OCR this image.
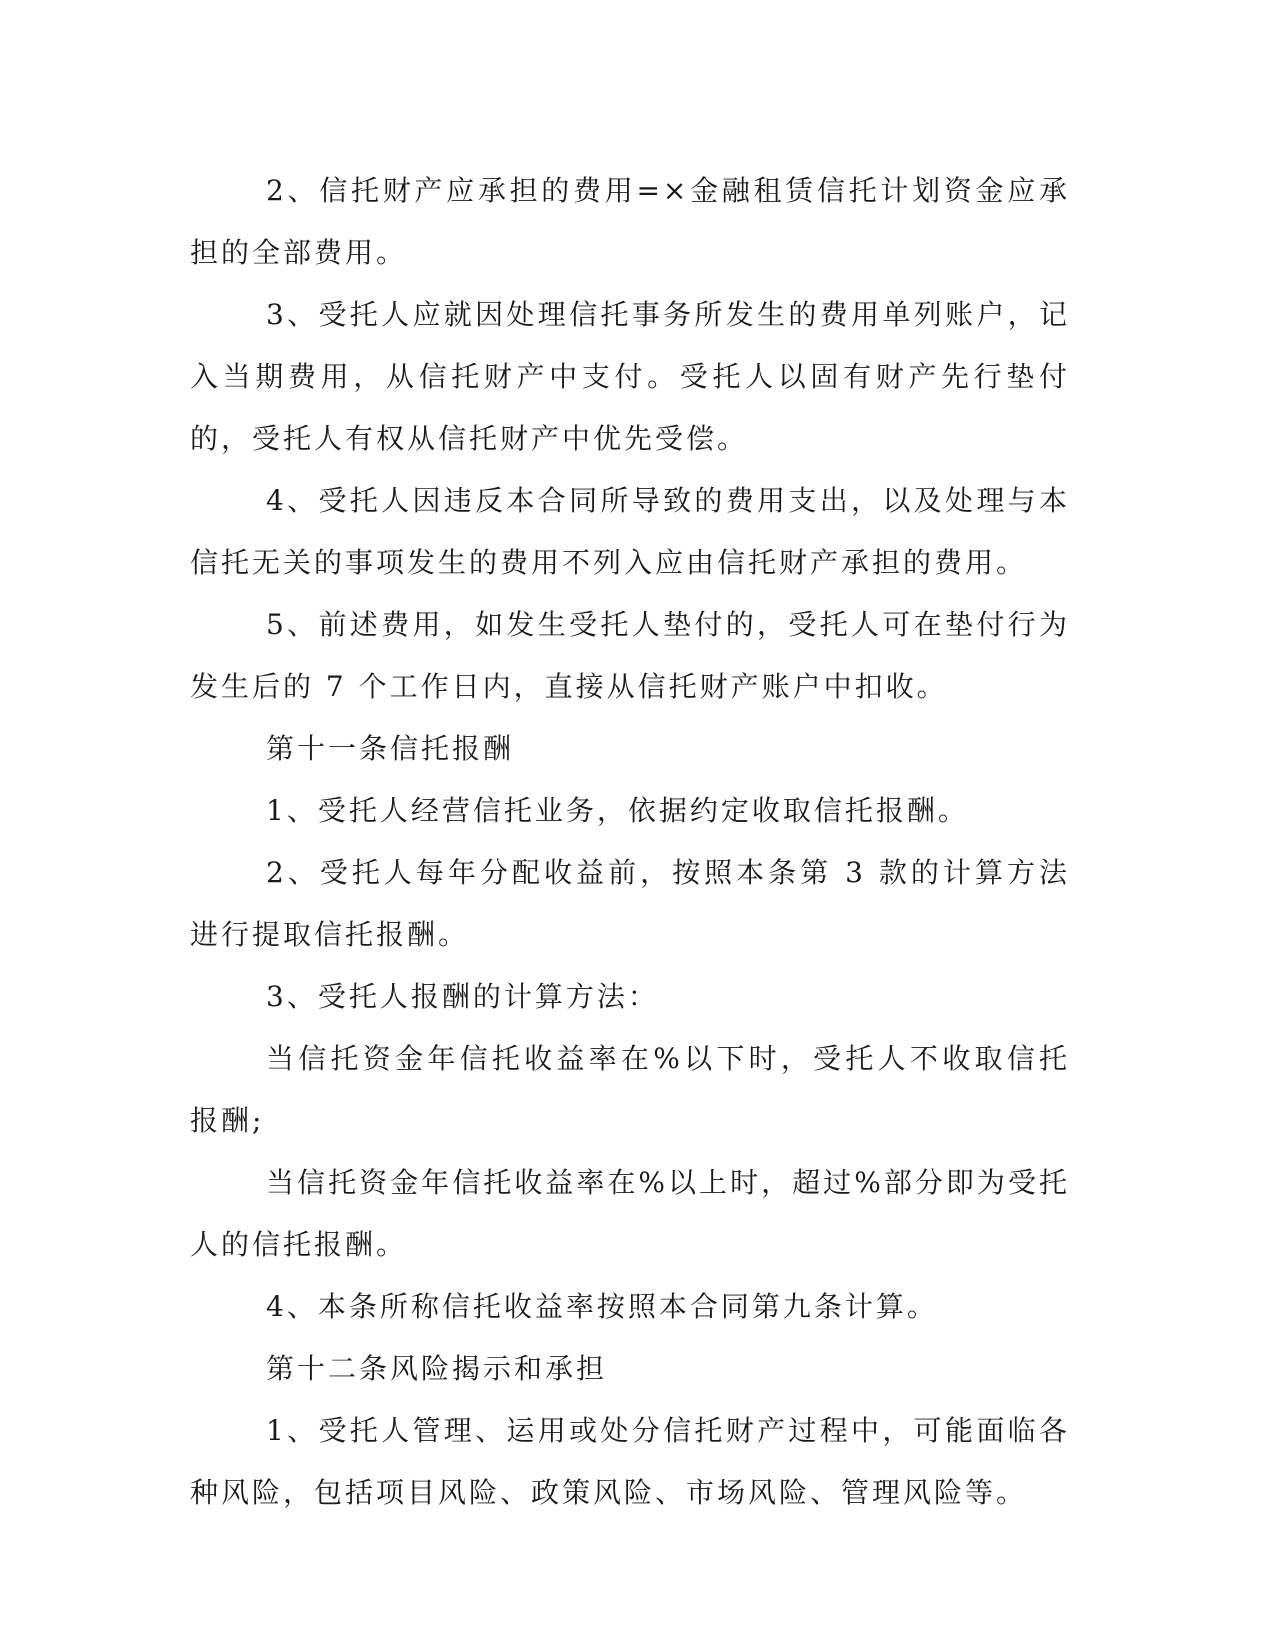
2、信托财产应承担的费用=×金融租赁信托计划资金应承担的全部费用。

3、受托人应就因处理信托事务所发生的费用单列账户，记入当期费用，从信托财产中支付。受托人以固有财产先行垫付的，受托人有权从信托财产中优先受偿。

4、受托人因违反本合同所导致的费用支出，以及处理与本信托无关的事项发生的费用不列入应由信托财产承担的费用。

5、前述费用，如发生受托人垫付的，受托人可在垫付行为发生后的 7 个工作日内，直接从信托财产账户中扣收。

第十一条信托报酬

1、受托人经营信托业务，依据约定收取信托报酬。

2、受托人每年分配收益前，按照本条第 3 款的计算方法进行提取信托报酬。

3、受托人报酬的计算方法：

当信托资金年信托收益率在%以下时，受托人不收取信托报酬;

当信托资金年信托收益率在%以上时，超过%部分即为受托人的信托报酬。

4、本条所称信托收益率按照本合同第九条计算。

第十二条风险揭示和承担

1、受托人管理、运用或处分信托财产过程中，可能面临各种风险，包括项目风险、政策风险、市场风险、管理风险等。
